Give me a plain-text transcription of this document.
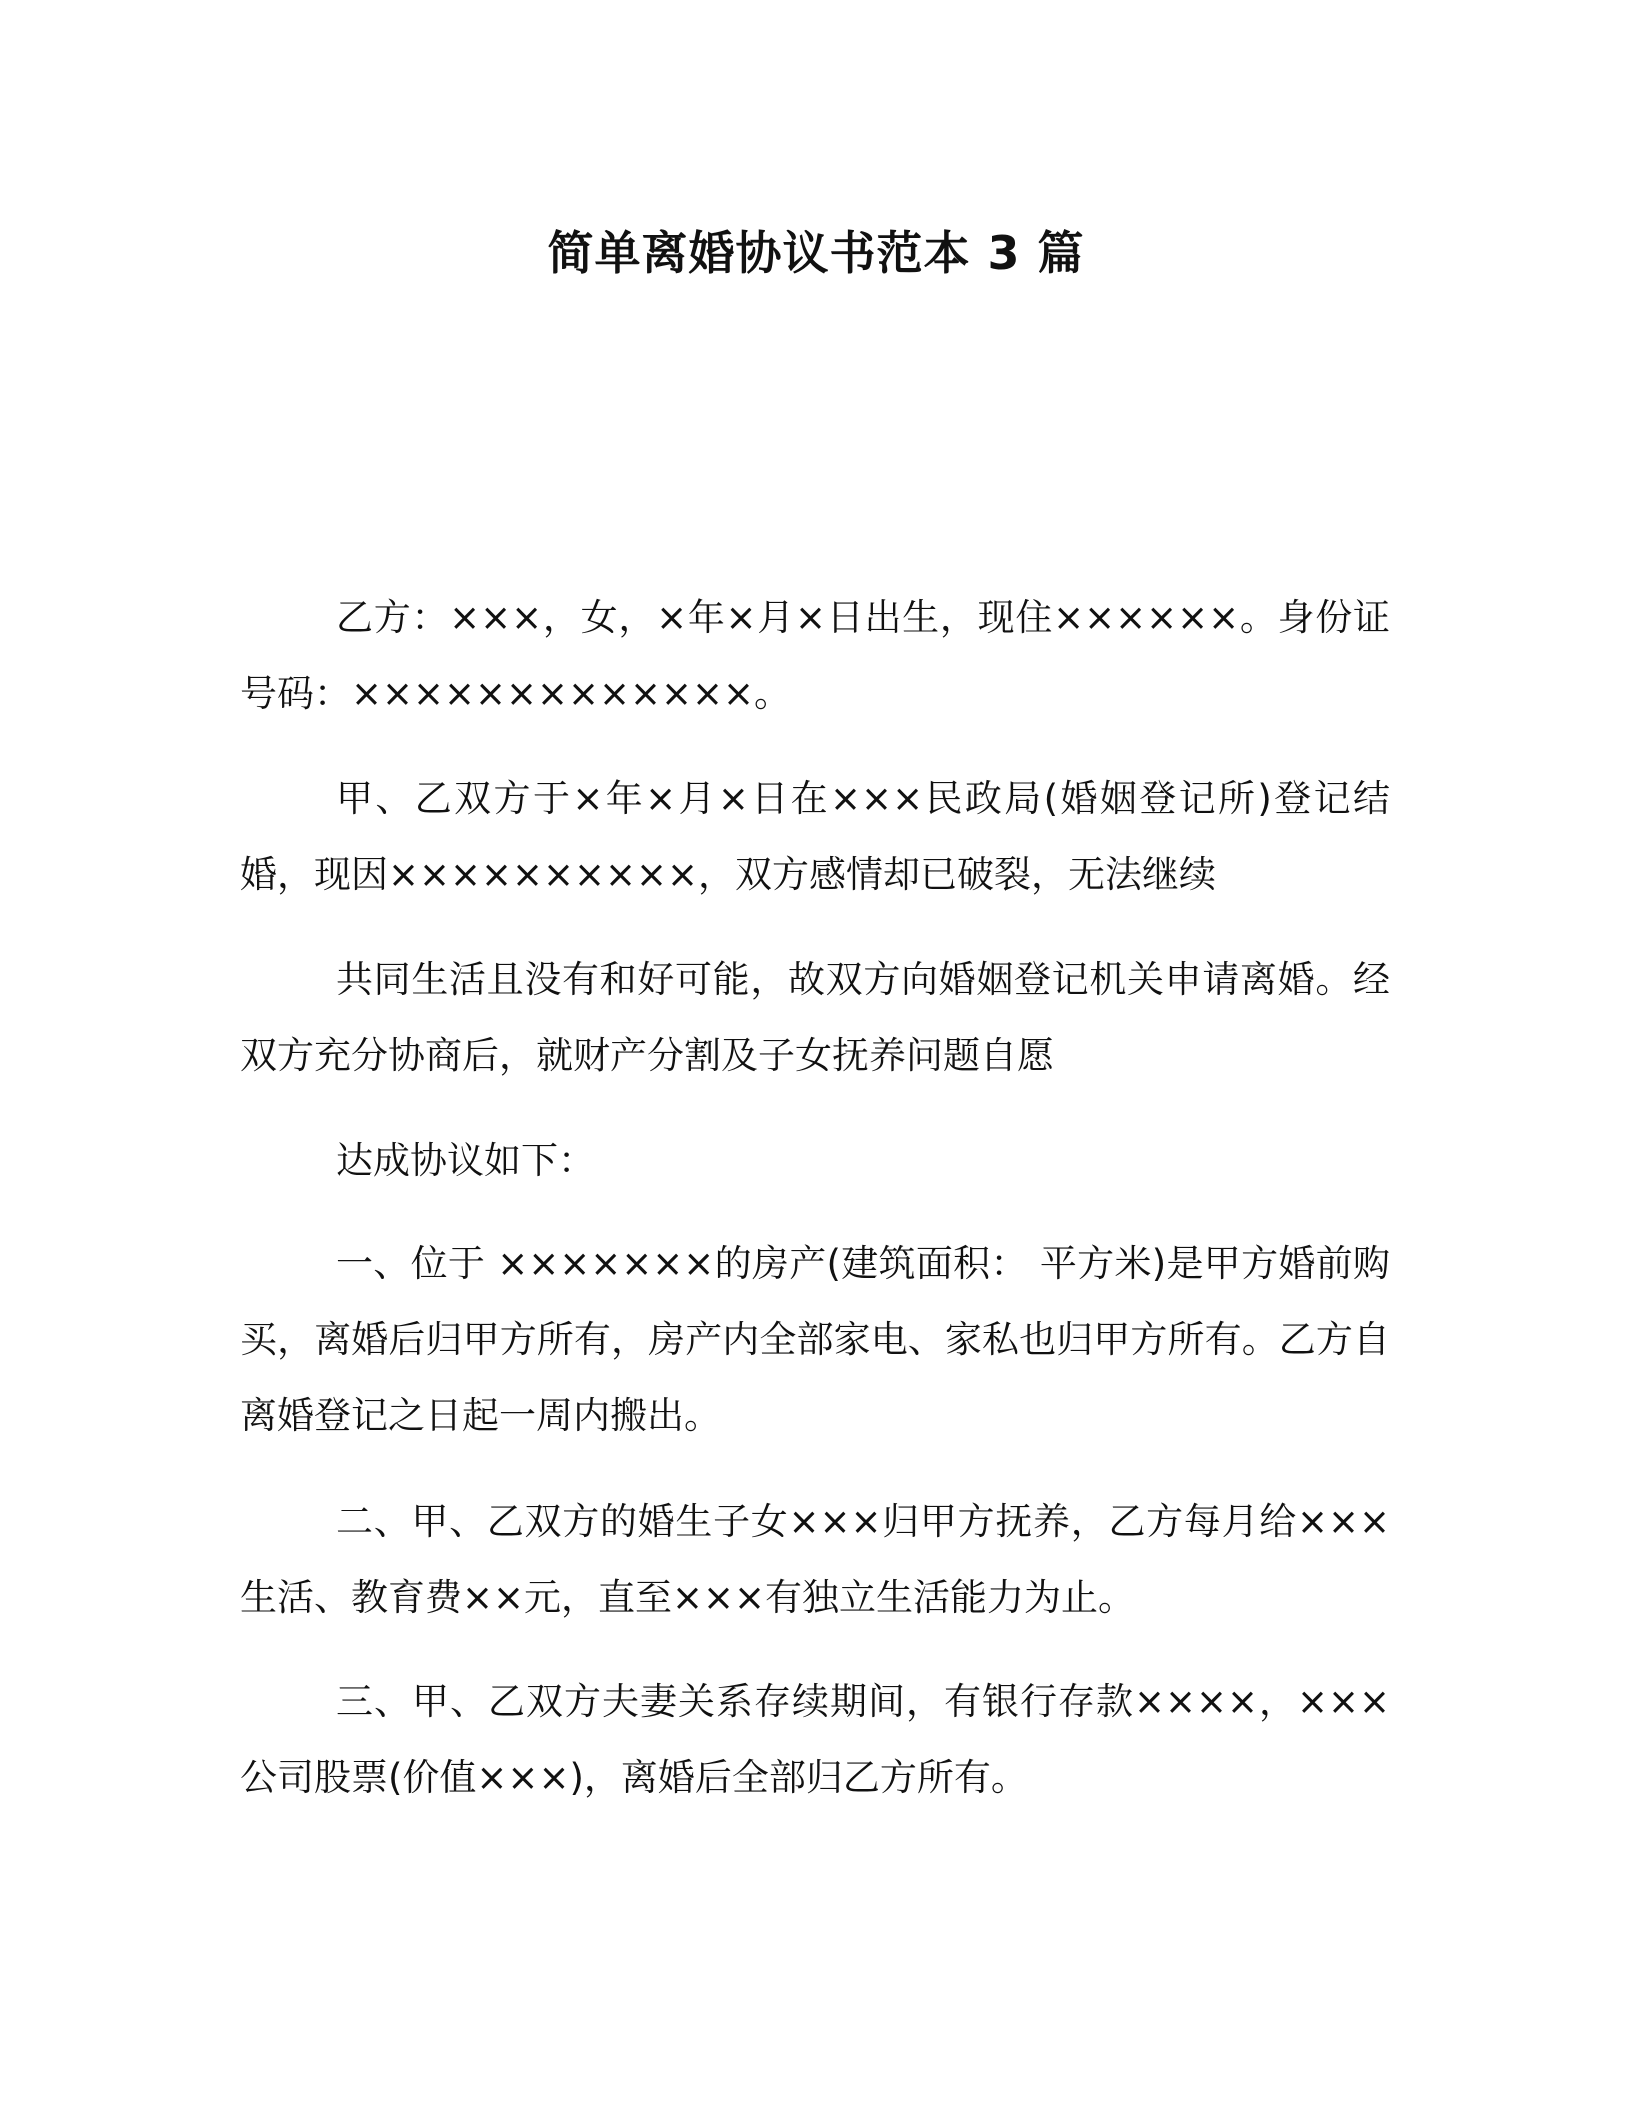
简单离婚协议书范本 3 篇

乙方：×××，女，×年×月×日出生，现住××××××。身份证号码：×××××××××××××。

甲、乙双方于×年×月×日在×××民政局(婚姻登记所)登记结婚，现因××××××××××，双方感情却已破裂，无法继续

共同生活且没有和好可能，故双方向婚姻登记机关申请离婚。经双方充分协商后，就财产分割及子女抚养问题自愿

达成协议如下：

一、位于 ×××××××的房产(建筑面积： 平方米)是甲方婚前购买，离婚后归甲方所有，房产内全部家电、家私也归甲方所有。乙方自离婚登记之日起一周内搬出。

二、甲、乙双方的婚生子女×××归甲方抚养，乙方每月给×××生活、教育费××元，直至×××有独立生活能力为止。

三、甲、乙双方夫妻关系存续期间，有银行存款××××，×××公司股票(价值×××)，离婚后全部归乙方所有。
